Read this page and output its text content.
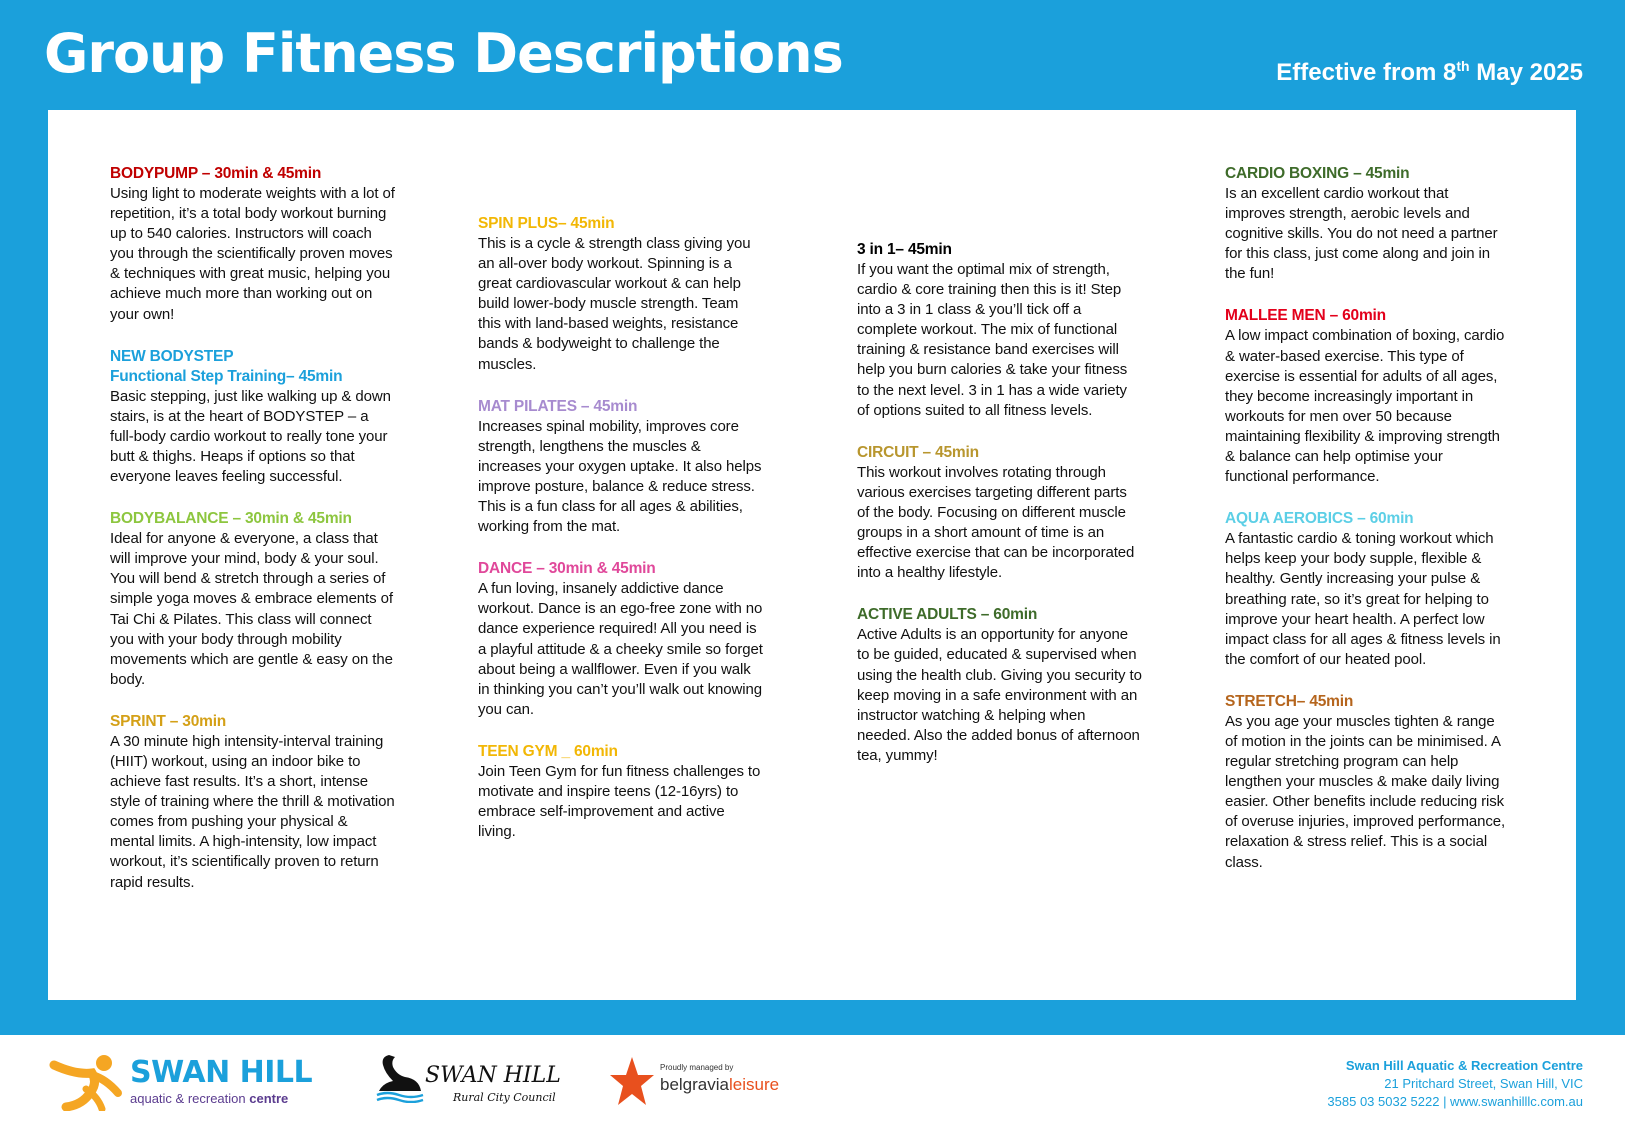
Group Fitness Descriptions	Effective from 8th May 2025
BODYPUMP – 30min & 45min

Using light to moderate weights with a lot of repetition, it’s a total body workout burning up to 540 calories. Instructors will coach you through the scientifically proven moves & techniques with great music, helping you achieve much more than working out on your own!

NEW BODYSTEP
Functional Step Training– 45min

Basic stepping, just like walking up & down stairs, is at the heart of BODYSTEP – a full-body cardio workout to really tone your butt & thighs. Heaps if options so that everyone leaves feeling successful.

BODYBALANCE – 30min & 45min

Ideal for anyone & everyone, a class that will improve your mind, body & your soul. You will bend & stretch through a series of simple yoga moves & embrace elements of Tai Chi & Pilates. This class will connect you with your body through mobility movements which are gentle & easy on the body.

SPRINT – 30min

A 30 minute high intensity-interval training (HIIT) workout, using an indoor bike to achieve fast results. It’s a short, intense style of training where the thrill & motivation comes from pushing your physical & mental limits. A high-intensity, low impact workout, it’s scientifically proven to return rapid results.

SPIN PLUS– 45min

This is a cycle & strength class giving you an all-over body workout. Spinning is a great cardiovascular workout & can help build lower-body muscle strength. Team this with land-based weights, resistance bands & bodyweight to challenge the muscles.

MAT PILATES – 45min

Increases spinal mobility, improves core strength, lengthens the muscles & increases your oxygen uptake. It also helps improve posture, balance & reduce stress. This is a fun class for all ages & abilities, working from the mat.

DANCE – 30min & 45min

A fun loving, insanely addictive dance workout. Dance is an ego-free zone with no dance experience required! All you need is a playful attitude & a cheeky smile so forget about being a wallflower. Even if you walk in thinking you can’t you’ll walk out knowing you can.

TEEN GYM _ 60min

Join Teen Gym for fun fitness challenges to motivate and inspire teens (12-16yrs) to embrace self-improvement and active living.

3 in 1– 45min

If you want the optimal mix of strength, cardio & core training then this is it! Step into a 3 in 1 class & you’ll tick off a complete workout. The mix of functional training & resistance band exercises will help you burn calories & take your fitness to the next level. 3 in 1 has a wide variety of options suited to all fitness levels.

CIRCUIT – 45min

This workout involves rotating through various exercises targeting different parts of the body. Focusing on different muscle groups in a short amount of time is an effective exercise that can be incorporated into a healthy lifestyle.

ACTIVE ADULTS – 60min

Active Adults is an opportunity for anyone to be guided, educated & supervised when using the health club. Giving you security to keep moving in a safe environment with an instructor watching & helping when needed. Also the added bonus of afternoon tea, yummy!

CARDIO BOXING – 45min

Is an excellent cardio workout that improves strength, aerobic levels and cognitive skills. You do not need a partner for this class, just come along and join in the fun!

MALLEE MEN – 60min

A low impact combination of boxing, cardio & water-based exercise. This type of exercise is essential for adults of all ages, they become increasingly important in workouts for men over 50 because maintaining flexibility & improving strength & balance can help optimise your functional performance.

AQUA AEROBICS – 60min

A fantastic cardio & toning workout which helps keep your body supple, flexible & healthy. Gently increasing your pulse & breathing rate, so it’s great for helping to improve your heart health. A perfect low impact class for all ages & fitness levels in the comfort of our heated pool.

STRETCH– 45min

As you age your muscles tighten & range of motion in the joints can be minimised. A regular stretching program can help lengthen your muscles & make daily living easier. Other benefits include reducing risk of overuse injuries, improved performance, relaxation & stress relief. This is a social class.

SWAN HILL
aquatic & recreation centre
SWAN HILL
Rural City Council
Proudly managed by
belgravialeisure
Swan Hill Aquatic & Recreation Centre
21 Pritchard Street, Swan Hill, VIC
3585 03 5032 5222 | www.swanhilllc.com.au
